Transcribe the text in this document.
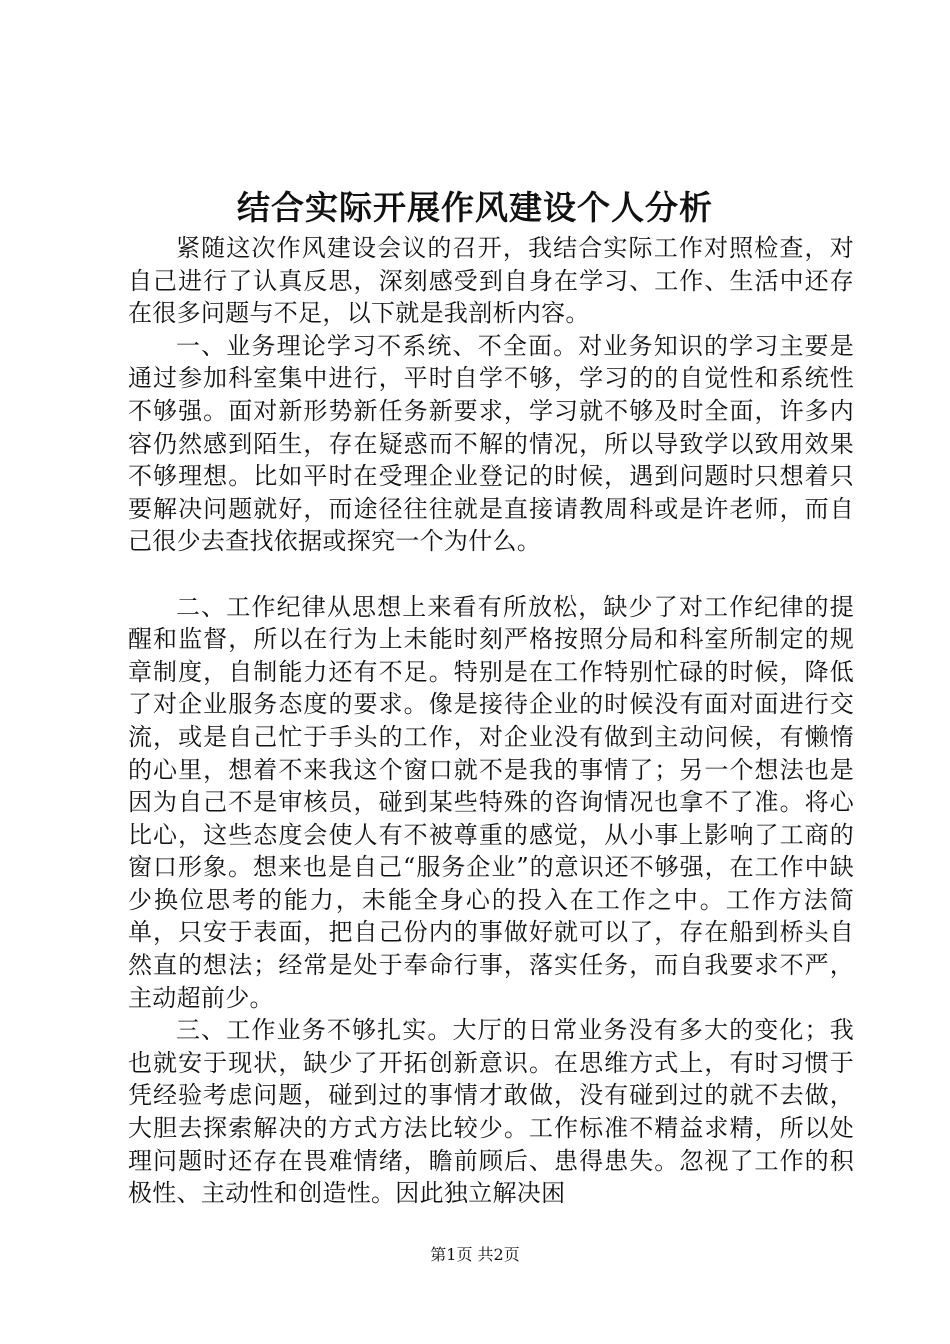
结合实际开展作风建设个人分析

紧随这次作风建设会议的召开，我结合实际工作对照检查，对自己进行了认真反思，深刻感受到自身在学习、工作、生活中还存在很多问题与不足，以下就是我剖析内容。

一、业务理论学习不系统、不全面。对业务知识的学习主要是通过参加科室集中进行，平时自学不够，学习的的自觉性和系统性不够强。面对新形势新任务新要求，学习就不够及时全面，许多内容仍然感到陌生，存在疑惑而不解的情况，所以导致学以致用效果不够理想。比如平时在受理企业登记的时候，遇到问题时只想着只要解决问题就好，而途径往往就是直接请教周科或是许老师，而自己很少去查找依据或探究一个为什么。

二、工作纪律从思想上来看有所放松，缺少了对工作纪律的提醒和监督，所以在行为上未能时刻严格按照分局和科室所制定的规章制度，自制能力还有不足。特别是在工作特别忙碌的时候，降低了对企业服务态度的要求。像是接待企业的时候没有面对面进行交流，或是自己忙于手头的工作，对企业没有做到主动问候，有懒惰的心里，想着不来我这个窗口就不是我的事情了；另一个想法也是因为自己不是审核员，碰到某些特殊的咨询情况也拿不了准。将心比心，这些态度会使人有不被尊重的感觉，从小事上影响了工商的窗口形象。想来也是自己“服务企业”的意识还不够强，在工作中缺少换位思考的能力，未能全身心的投入在工作之中。工作方法简单，只安于表面，把自己份内的事做好就可以了，存在船到桥头自然直的想法；经常是处于奉命行事，落实任务，而自我要求不严，主动超前少。

三、工作业务不够扎实。大厅的日常业务没有多大的变化；我也就安于现状，缺少了开拓创新意识。在思维方式上，有时习惯于凭经验考虑问题，碰到过的事情才敢做，没有碰到过的就不去做，大胆去探索解决的方式方法比较少。工作标准不精益求精，所以处理问题时还存在畏难情绪，瞻前顾后、患得患失。忽视了工作的积极性、主动性和创造性。因此独立解决困

第1页 共2页
